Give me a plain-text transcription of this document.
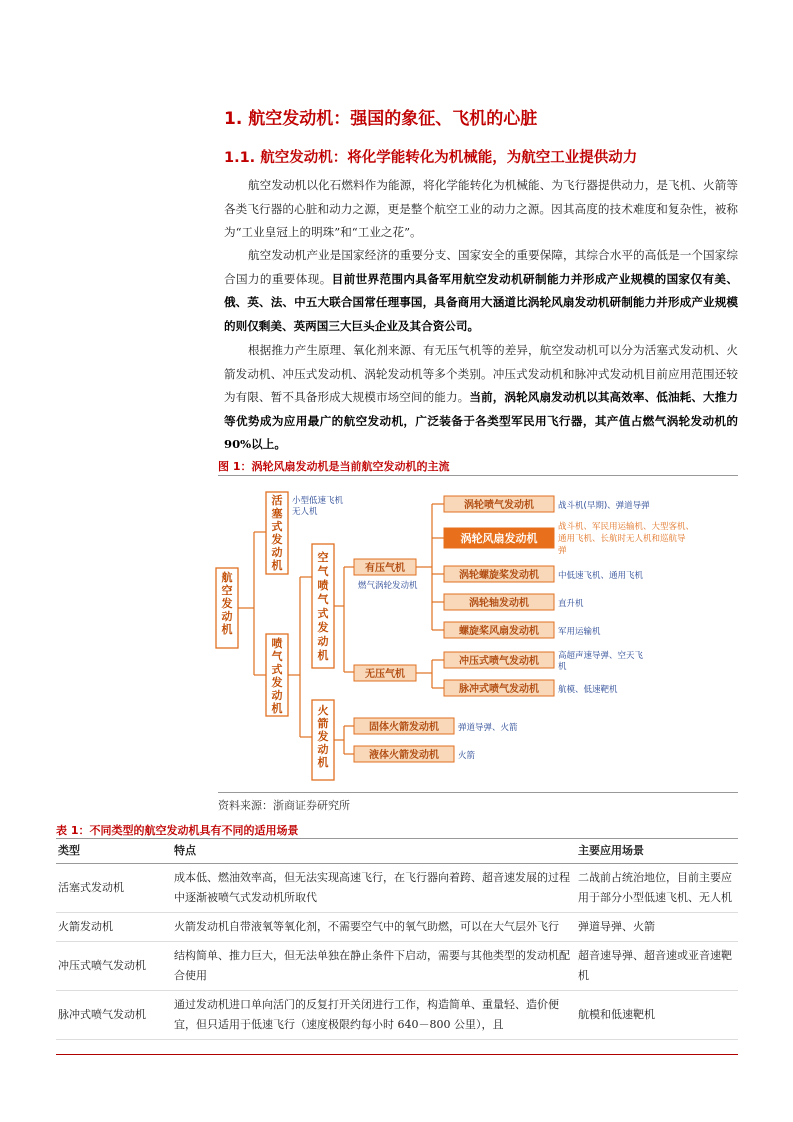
1. 航空发动机：强国的象征、飞机的心脏
1.1. 航空发动机：将化学能转化为机械能，为航空工业提供动力

航空发动机以化石燃料作为能源，将化学能转化为机械能、为飞行器提供动力，是飞机、火箭等各类飞行器的心脏和动力之源，更是整个航空工业的动力之源。因其高度的技术难度和复杂性，被称为“工业皇冠上的明珠”和“工业之花”。

航空发动机产业是国家经济的重要分支、国家安全的重要保障，其综合水平的高低是一个国家综合国力的重要体现。目前世界范围内具备军用航空发动机研制能力并形成产业规模的国家仅有美、俄、英、法、中五大联合国常任理事国，具备商用大涵道比涡轮风扇发动机研制能力并形成产业规模的则仅剩美、英两国三大巨头企业及其合资公司。

根据推力产生原理、氧化剂来源、有无压气机等的差异，航空发动机可以分为活塞式发动机、火箭发动机、冲压式发动机、涡轮发动机等多个类别。冲压式发动机和脉冲式发动机目前应用范围还较为有限、暂不具备形成大规模市场空间的能力。当前，涡轮风扇发动机以其高效率、低油耗、大推力等优势成为应用最广的航空发动机，广泛装备于各类型军民用飞行器，其产值占燃气涡轮发动机的90%以上。

图 1：涡轮风扇发动机是当前航空发动机的主流
航空发动机
活塞式发动机
小型低速飞机
无人机
喷气式发动机
空气喷气式发动机
火箭发动机
有压气机
燃气涡轮发动机
无压气机
涡轮喷气发动机	战斗机(早期)、弹道导弹
涡轮风扇发动机
战斗机、军民用运输机、大型客机、
通用飞机、长航时无人机和巡航导
弹
涡轮螺旋桨发动机 中低速飞机、通用飞机
涡轮轴发动机	直升机
螺旋桨风扇发动机 军用运输机
冲压式喷气发动机 高超声速导弹、空天飞
机
脉冲式喷气发动机 航模、低速靶机
固体火箭发动机 弹道导弹、火箭
液体火箭发动机 火箭
资料来源：浙商证券研究所
表 1：不同类型的航空发动机具有不同的适用场景
类型	特点	主要应用场景
活塞式发动机	成本低、燃油效率高，但无法实现高速飞行，在飞行器向着跨、超音速发展的过程中逐渐被喷气式发动机所取代	二战前占统治地位，目前主要应用于部分小型低速飞机、无人机
火箭发动机	火箭发动机自带液氧等氧化剂，不需要空气中的氧气助燃，可以在大气层外飞行	弹道导弹、火箭
冲压式喷气发动机	结构简单、推力巨大，但无法单独在静止条件下启动，需要与其他类型的发动机配合使用	超音速导弹、超音速或亚音速靶机
脉冲式喷气发动机	通过发动机进口单向活门的反复打开关闭进行工作，构造简单、重量轻、造价便宜，但只适用于低速飞行（速度极限约每小时 640－800 公里），且	航模和低速靶机
